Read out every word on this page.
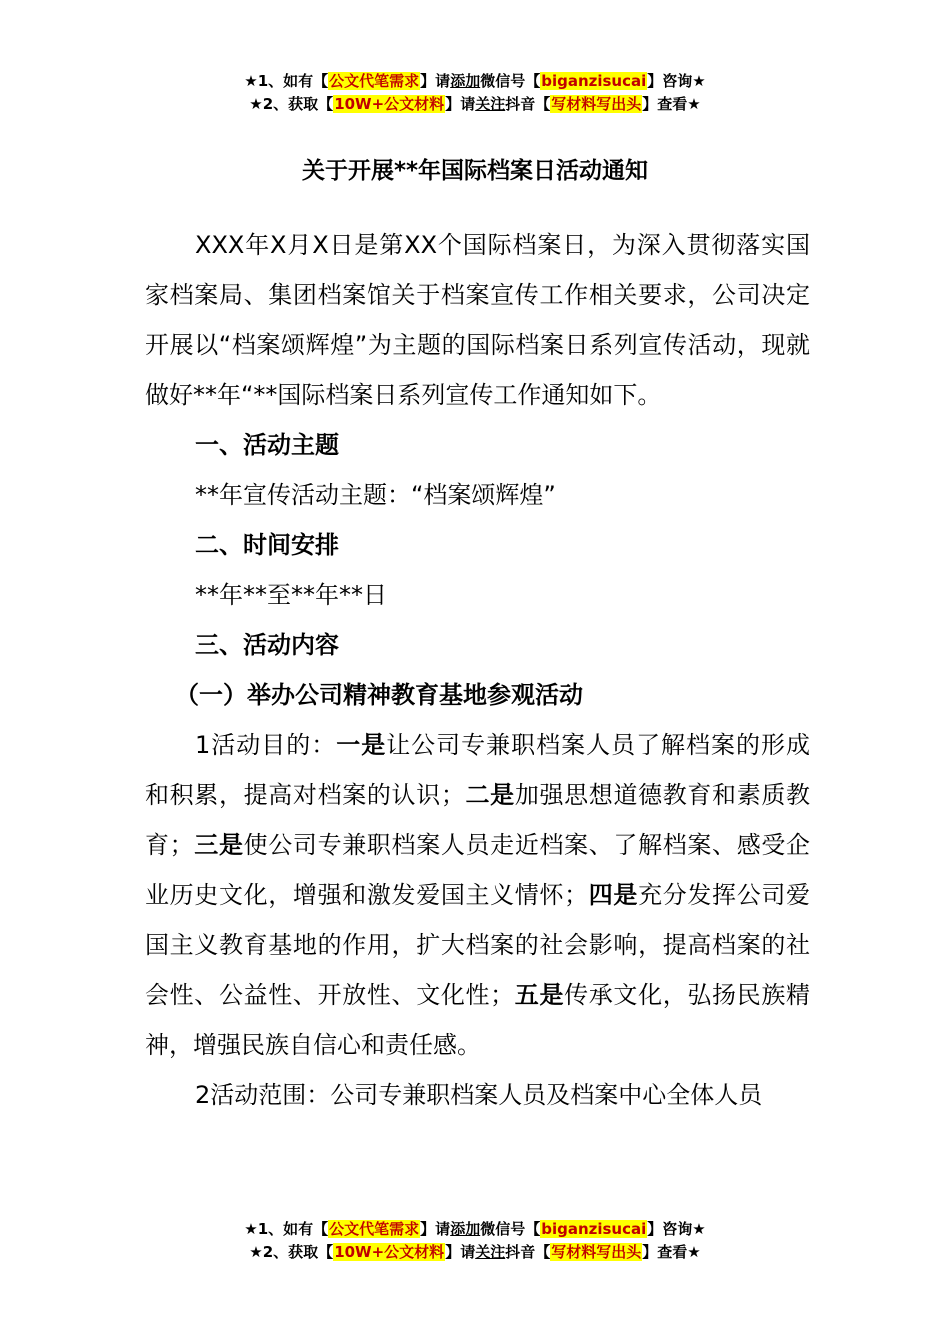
★1、如有【公文代笔需求】请添加微信号【biganzisucai】咨询★
★2、获取【10W+公文材料】请关注抖音【写材料写出头】查看★
关于开展**年国际档案日活动通知

XXX年X月X日是第XX个国际档案日，为深入贯彻落实国家档案局、集团档案馆关于档案宣传工作相关要求，公司决定开展以“档案颂辉煌”为主题的国际档案日系列宣传活动，现就做好**年“**国际档案日系列宣传工作通知如下。

一、活动主题

**年宣传活动主题：“档案颂辉煌”

二、时间安排

**年**至**年**日

三、活动内容

（一）举办公司精神教育基地参观活动

1活动目的：一是让公司专兼职档案人员了解档案的形成和积累，提高对档案的认识；二是加强思想道德教育和素质教育；三是使公司专兼职档案人员走近档案、了解档案、感受企业历史文化，增强和激发爱国主义情怀；四是充分发挥公司爱国主义教育基地的作用，扩大档案的社会影响，提高档案的社会性、公益性、开放性、文化性；五是传承文化，弘扬民族精神，增强民族自信心和责任感。

2活动范围：公司专兼职档案人员及档案中心全体人员

★1、如有【公文代笔需求】请添加微信号【biganzisucai】咨询★
★2、获取【10W+公文材料】请关注抖音【写材料写出头】查看★
